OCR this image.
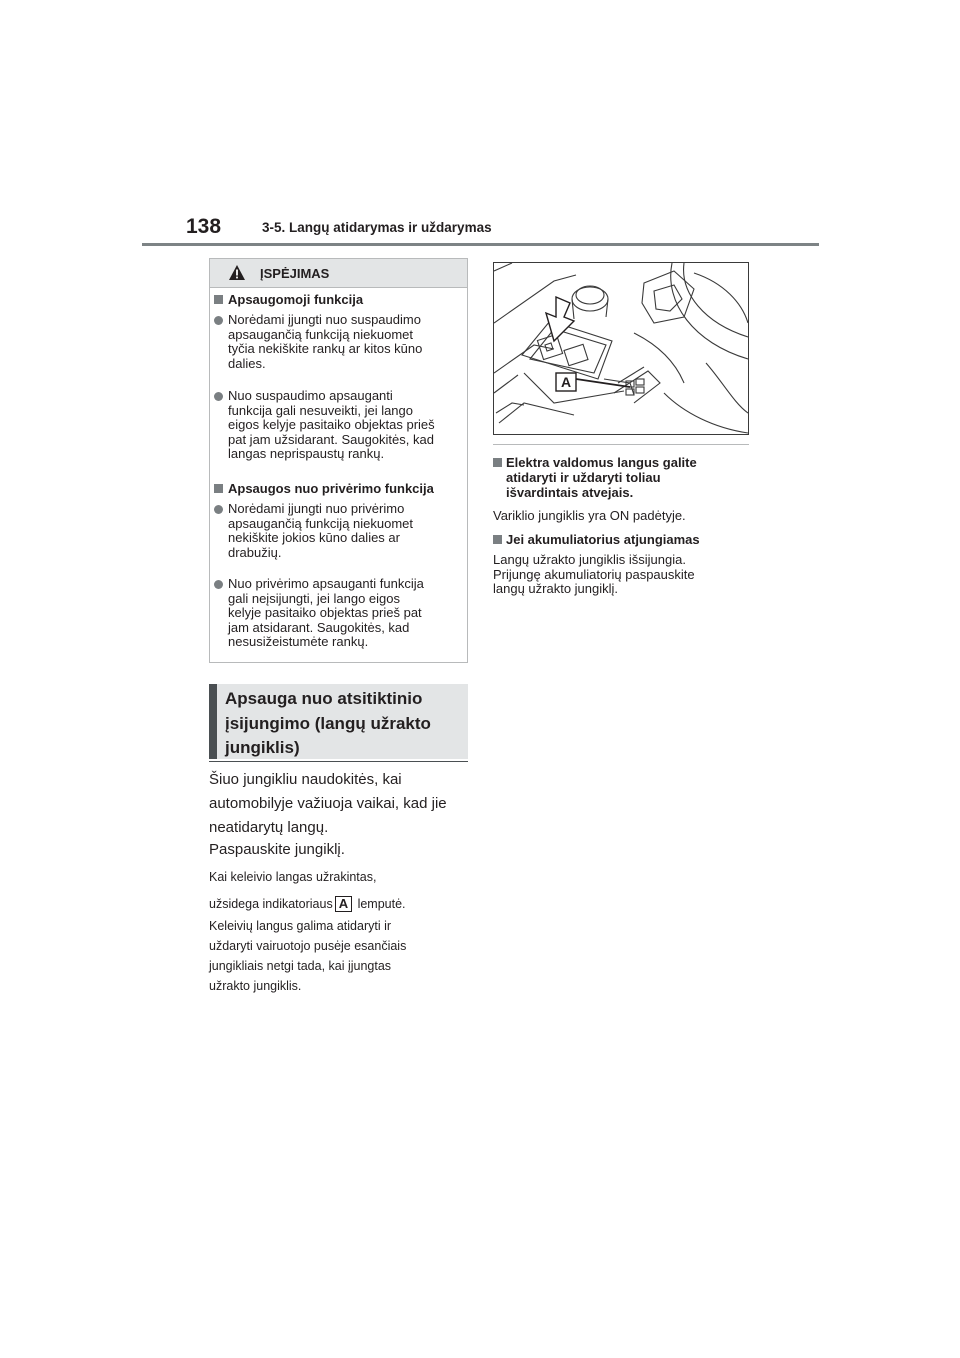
138	3-5. Langų atidarymas ir uždarymas
ĮSPĖJIMAS
Apsaugomoji funkcija
Norėdami įjungti nuo suspaudimo
apsaugančią funkciją niekuomet
tyčia nekiškite rankų ar kitos kūno
dalies.
Nuo suspaudimo apsauganti
funkcija gali nesuveikti, jei lango
eigos kelyje pasitaiko objektas prieš
pat jam užsidarant. Saugokitės, kad
langas neprispaustų rankų.
Apsaugos nuo privėrimo funkcija
Norėdami įjungti nuo privėrimo
apsaugančią funkciją niekuomet
nekiškite jokios kūno dalies ar
drabužių.
Nuo privėrimo apsauganti funkcija
gali neįsijungti, jei lango eigos
kelyje pasitaiko objektas prieš pat
jam atsidarant. Saugokitės, kad
nesusižeistumėte rankų.
Apsauga nuo atsitiktinio
įsijungimo (langų užrakto
jungiklis)
Šiuo jungikliu naudokitės, kai
automobilyje važiuoja vaikai, kad jie
neatidarytų langų.
Paspauskite jungiklį.
Kai keleivio langas užrakintas,
užsidega indikatoriaus A lemputė.
Keleivių langus galima atidaryti ir
uždaryti vairuotojo pusėje esančiais
jungikliais netgi tada, kai įjungtas
užrakto jungiklis.
A
Elektra valdomus langus galite
atidaryti ir uždaryti toliau
išvardintais atvejais.
Variklio jungiklis yra ON padėtyje.
Jei akumuliatorius atjungiamas
Langų užrakto jungiklis išsijungia.
Prijungę akumuliatorių paspauskite
langų užrakto jungiklį.
